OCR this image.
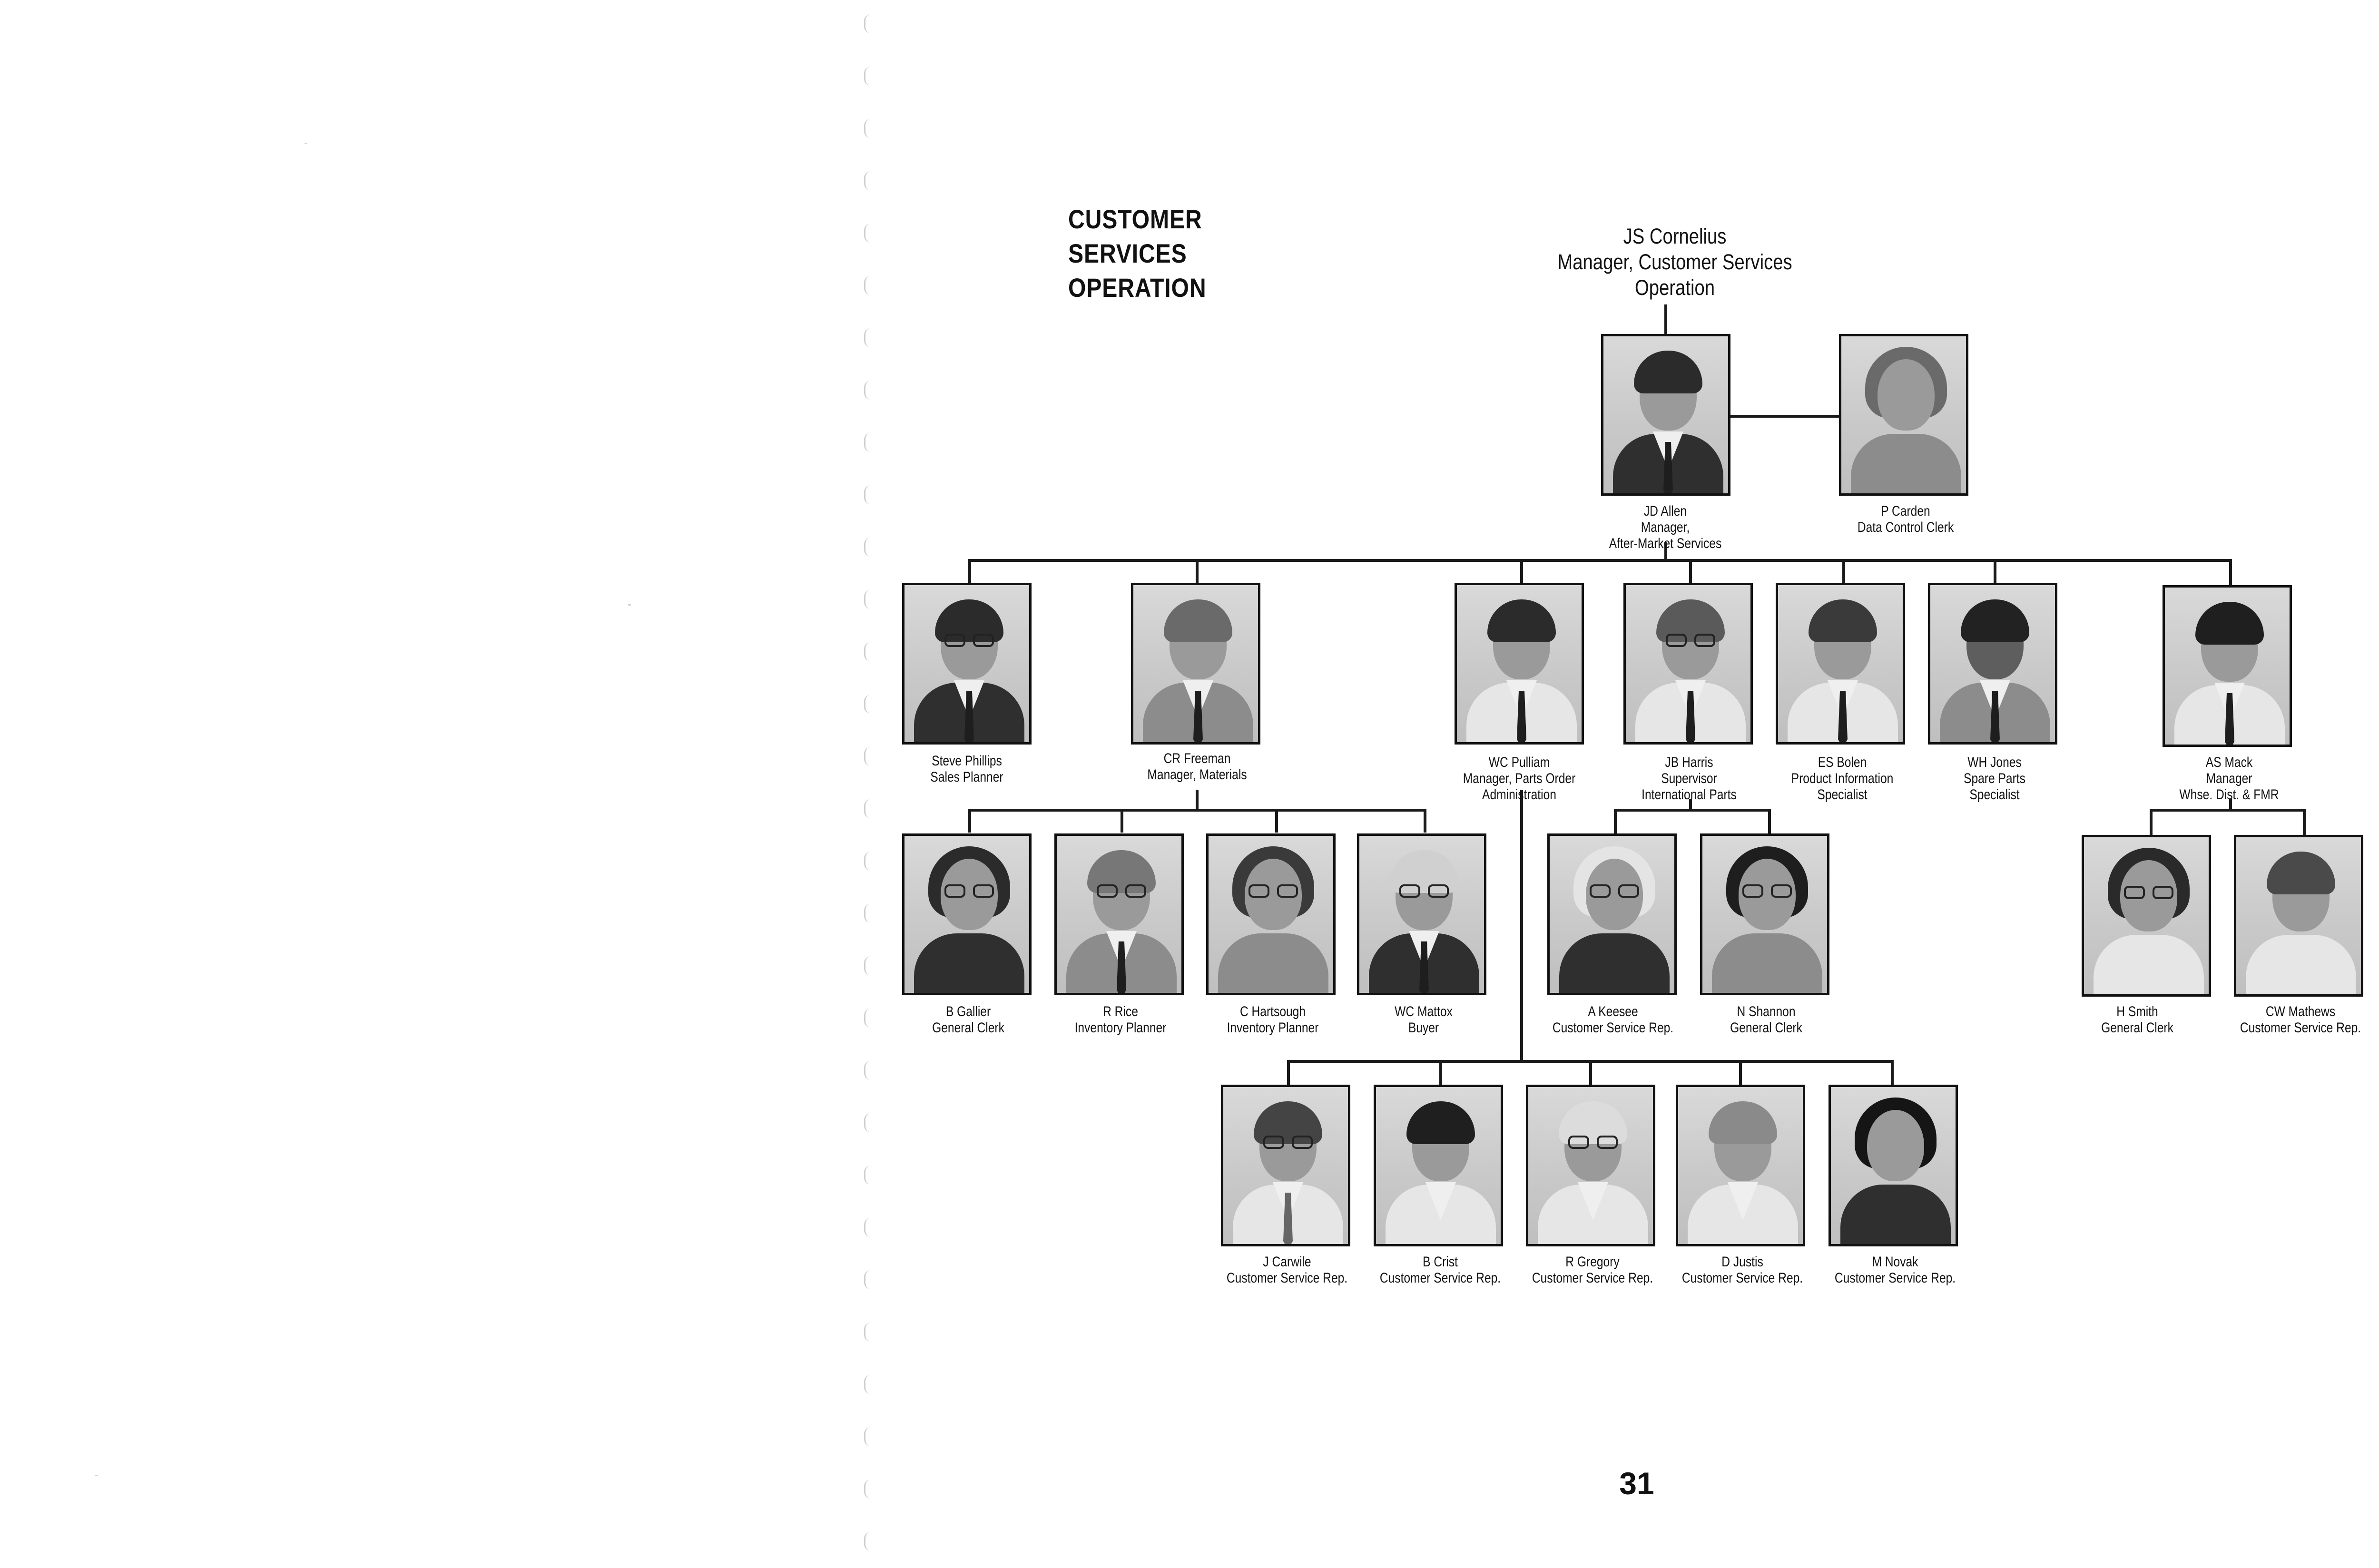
CUSTOMER
SERVICES
OPERATION
JS Cornelius
Manager, Customer Services
Operation
JD Allen
Manager,
After-Market Services
P Carden
Data Control Clerk
Steve Phillips
Sales Planner
CR Freeman
Manager, Materials
WC Pulliam
Manager, Parts Order
Administration
JB Harris
Supervisor
International Parts
ES Bolen
Product Information
Specialist
WH Jones
Spare Parts
Specialist
AS Mack
Manager
Whse. Dist. & FMR
B Gallier
General Clerk
R Rice
Inventory Planner
C Hartsough
Inventory Planner
WC Mattox
Buyer
A Keesee
Customer Service Rep.
N Shannon
General Clerk
H Smith
General Clerk
CW Mathews
Customer Service Rep.
J Carwile
Customer Service Rep.
B Crist
Customer Service Rep.
R Gregory
Customer Service Rep.
D Justis
Customer Service Rep.
M Novak
Customer Service Rep.
31
